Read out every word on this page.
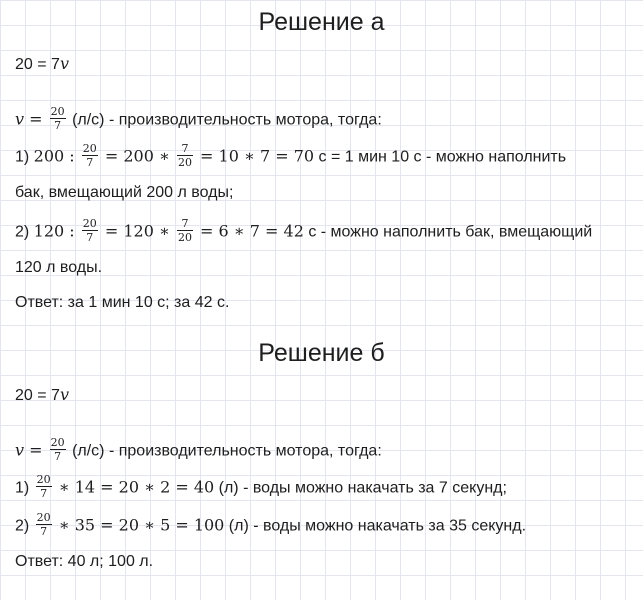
Решение а
20 = 7v
$v = \frac{20}{7} (л/с)$ - производительность мотора, тогда:
1) 200 : $\frac{20}{7} = 200$ ∗ $\frac{7}{20} = 10$ ∗ 7 = 70 с = 1 мин 10 с - можно наполнить
бак, вмещающий 200 л воды;
2) 120 : $\frac{20}{7} = 120$ ∗ $\frac{7}{20} = 6$ ∗ 7 = 42 с - можно наполнить бак, вмещающий
120 л воды.
Ответ: за 1 мин 10 с; за 42 с.
Решение б
20 = 7v
$v = \frac{20}{7} (л/с)$ - производительность мотора, тогда:
$1) \frac{20}{7}$ ∗ 14 = 20 ∗ 2 = 40 (л) - воды можно накачать за 7 секунд;
$2) \frac{20}{7}$ ∗ 35 = 20 ∗ 5 = 100 (л) - воды можно накачать за 35 секунд.
Ответ: 40 л; 100 л.
